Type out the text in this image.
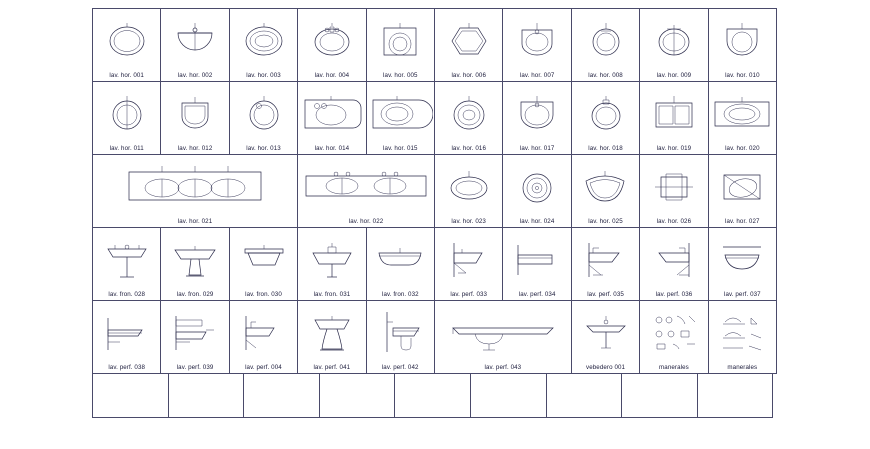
lav. hor. 001	lav. hor. 002	lav. hor. 003	lav. hor. 004	lav. hor. 005	lav. hor. 006	lav. hor. 007	lav. hor. 008	lav. hor. 009	lav. hor. 010
lav. hor. 011	lav. hor. 012	lav. hor. 013	lav. hor. 014	lav. hor. 015	lav. hor. 016	lav. hor. 017	lav. hor. 018	lav. hor. 019	lav. hor. 020
lav. hor. 021	lav. hor. 022	lav. hor. 023	lav. hor. 024	lav. hor. 025	lav. hor. 026	lav. hor. 027
lav. fron. 028	lav. fron. 029	lav. fron. 030	lav. fron. 031	lav. fron. 032	lav. perf. 033	lav. perf. 034	lav. perf. 035	lav. perf. 036	lav. perf. 037
lav. perf. 038	lav. perf. 039	lav. perf. 004	lav. perf. 041	lav. perf. 042	lav. perf. 043	vebedero 001	manerales	manerales
